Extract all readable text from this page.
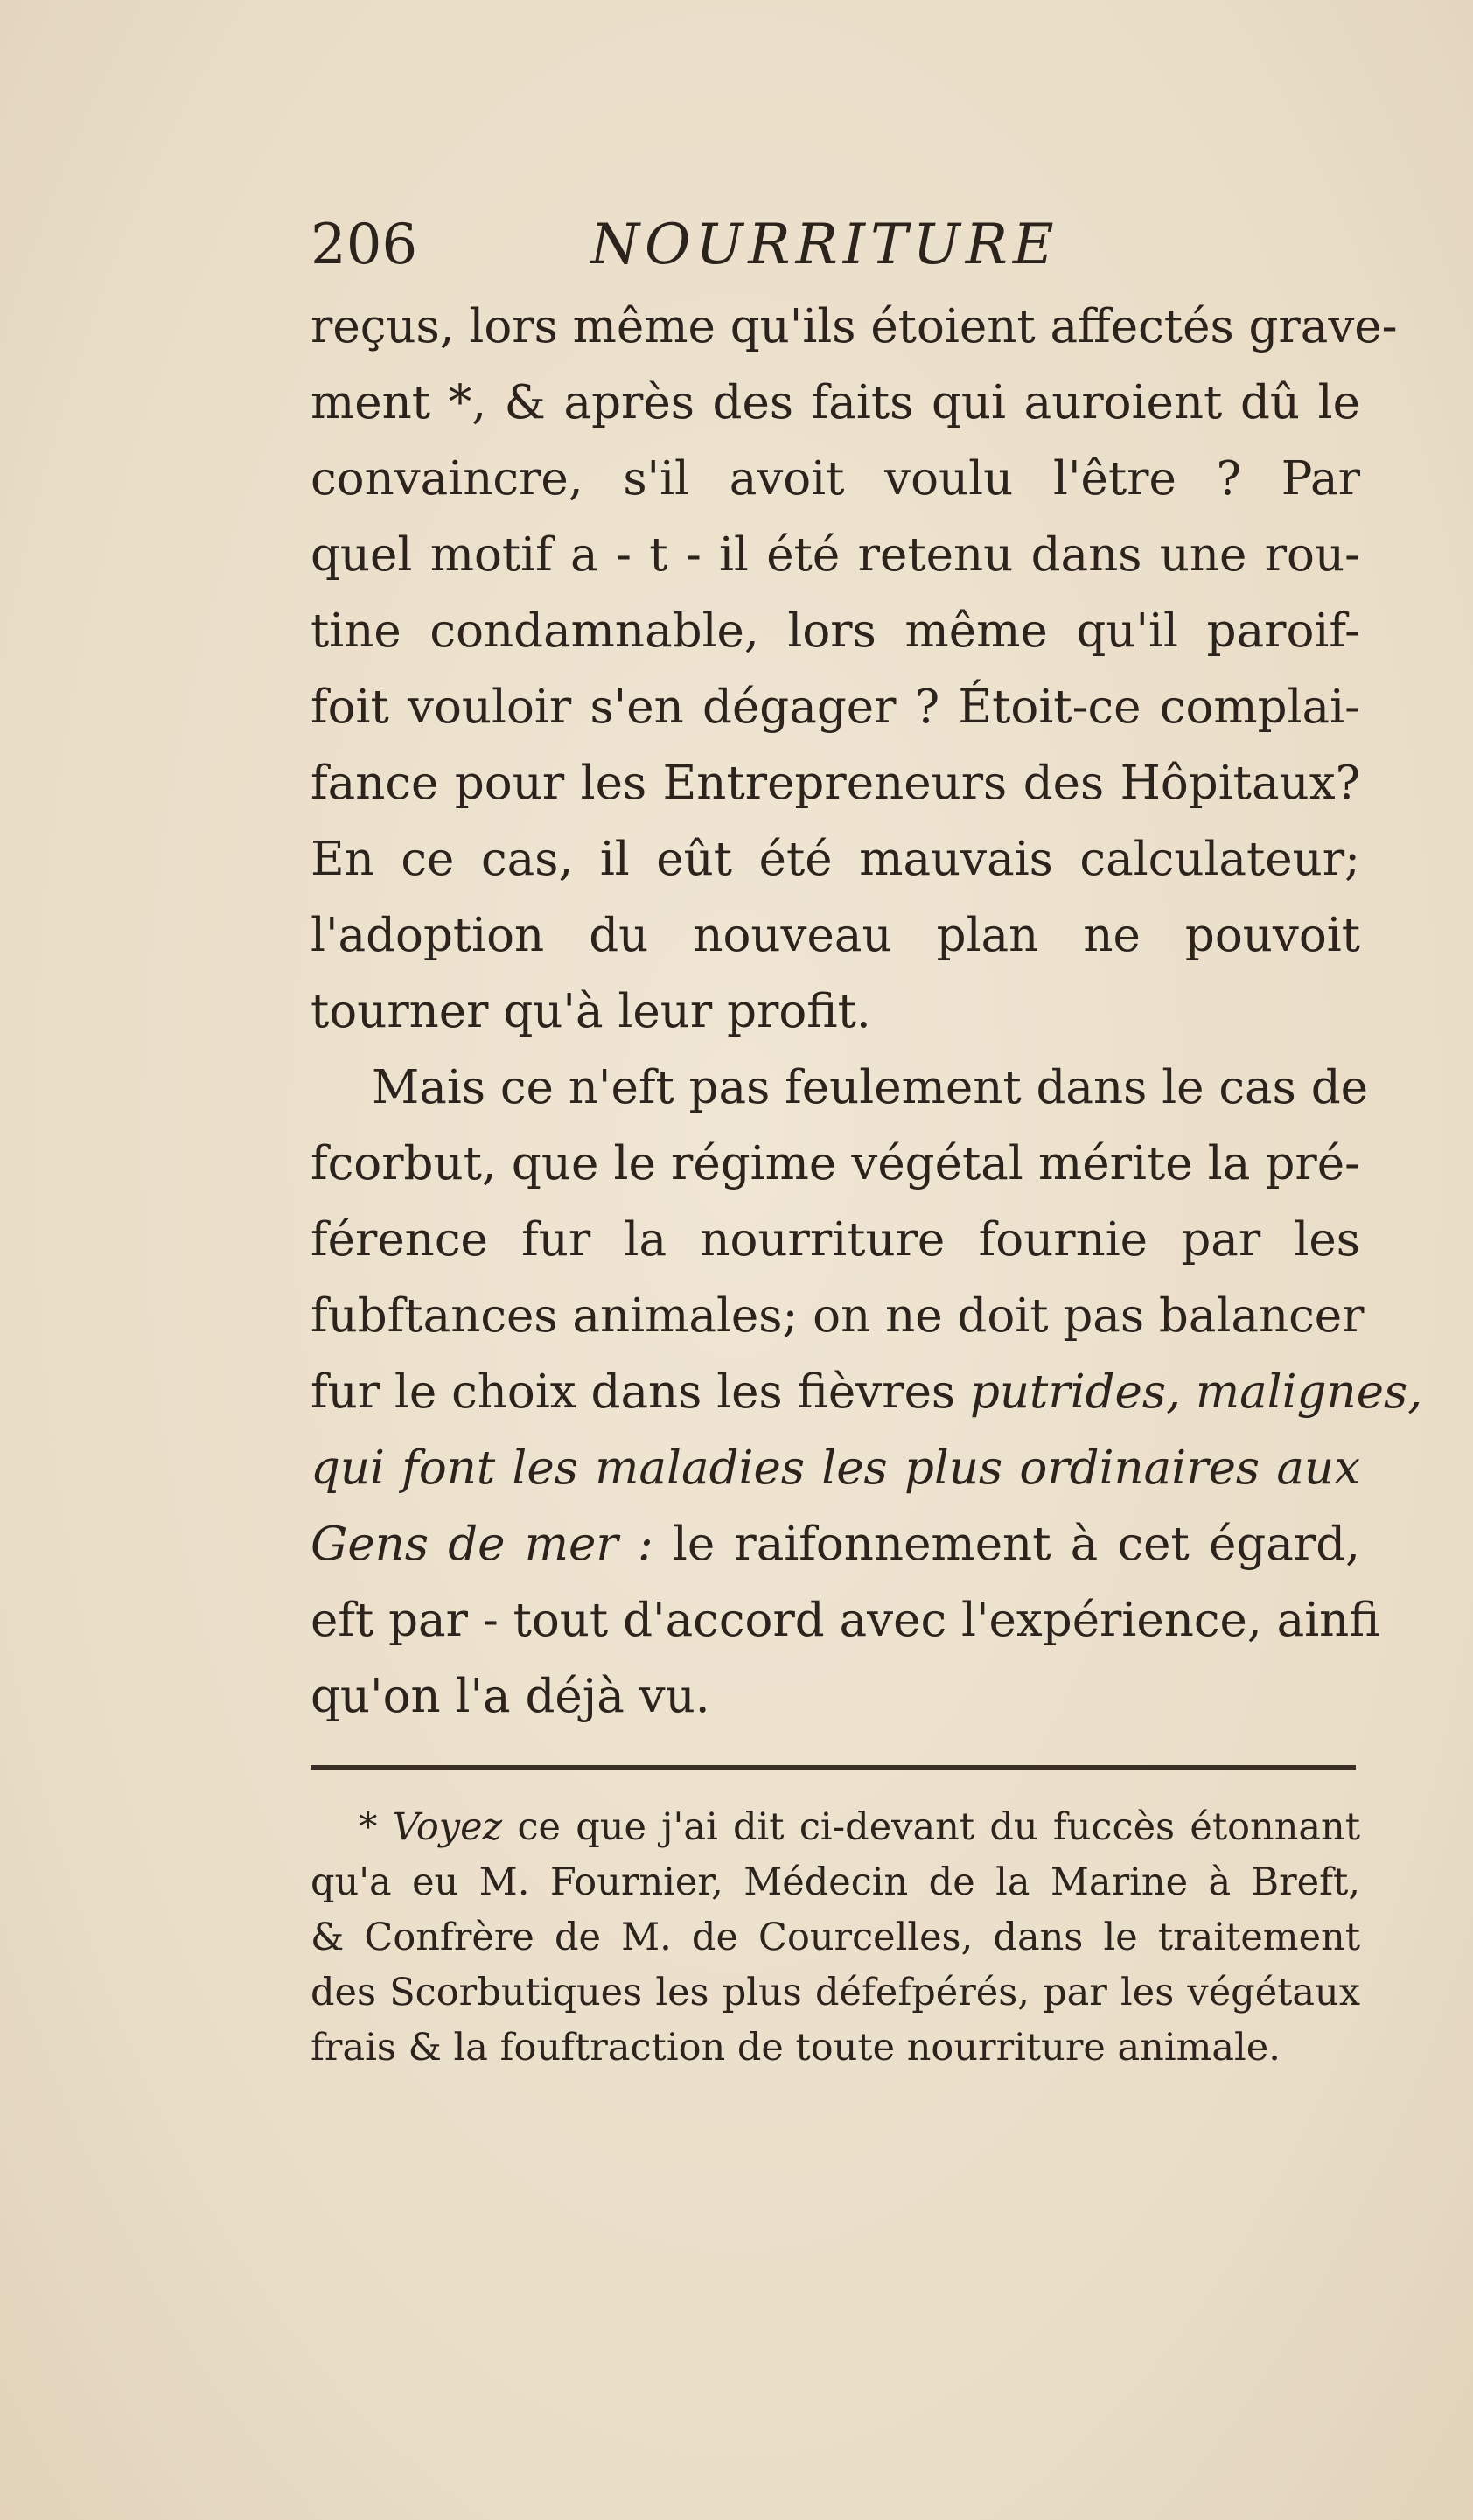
206	NOURRITURE
reçus, lors même qu'ils étoient affectés grave-
ment *, & après des faits qui auroient dû le
convaincre, s'il avoit voulu l'être ? Par
quel motif a - t - il été retenu dans une rou-
tine condamnable, lors même qu'il paroif-
foit vouloir s'en dégager ? Étoit-ce complai-
fance pour les Entrepreneurs des Hôpitaux?
En ce cas, il eût été mauvais calculateur;
l'adoption du nouveau plan ne pouvoit
tourner qu'à leur profit.
Mais ce n'eft pas feulement dans le cas de
fcorbut, que le régime végétal mérite la pré-
férence fur la nourriture fournie par les
fubftances animales; on ne doit pas balancer
fur le choix dans les fièvres putrides, malignes,
qui font les maladies les plus ordinaires aux
Gens de mer : le raifonnement à cet égard,
eft par - tout d'accord avec l'expérience, ainfi
qu'on l'a déjà vu.
* Voyez ce que j'ai dit ci-devant du fuccès étonnant
qu'a eu M. Fournier, Médecin de la Marine à Breft,
& Confrère de M. de Courcelles, dans le traitement
des Scorbutiques les plus défefpérés, par les végétaux
frais & la fouftraction de toute nourriture animale.
